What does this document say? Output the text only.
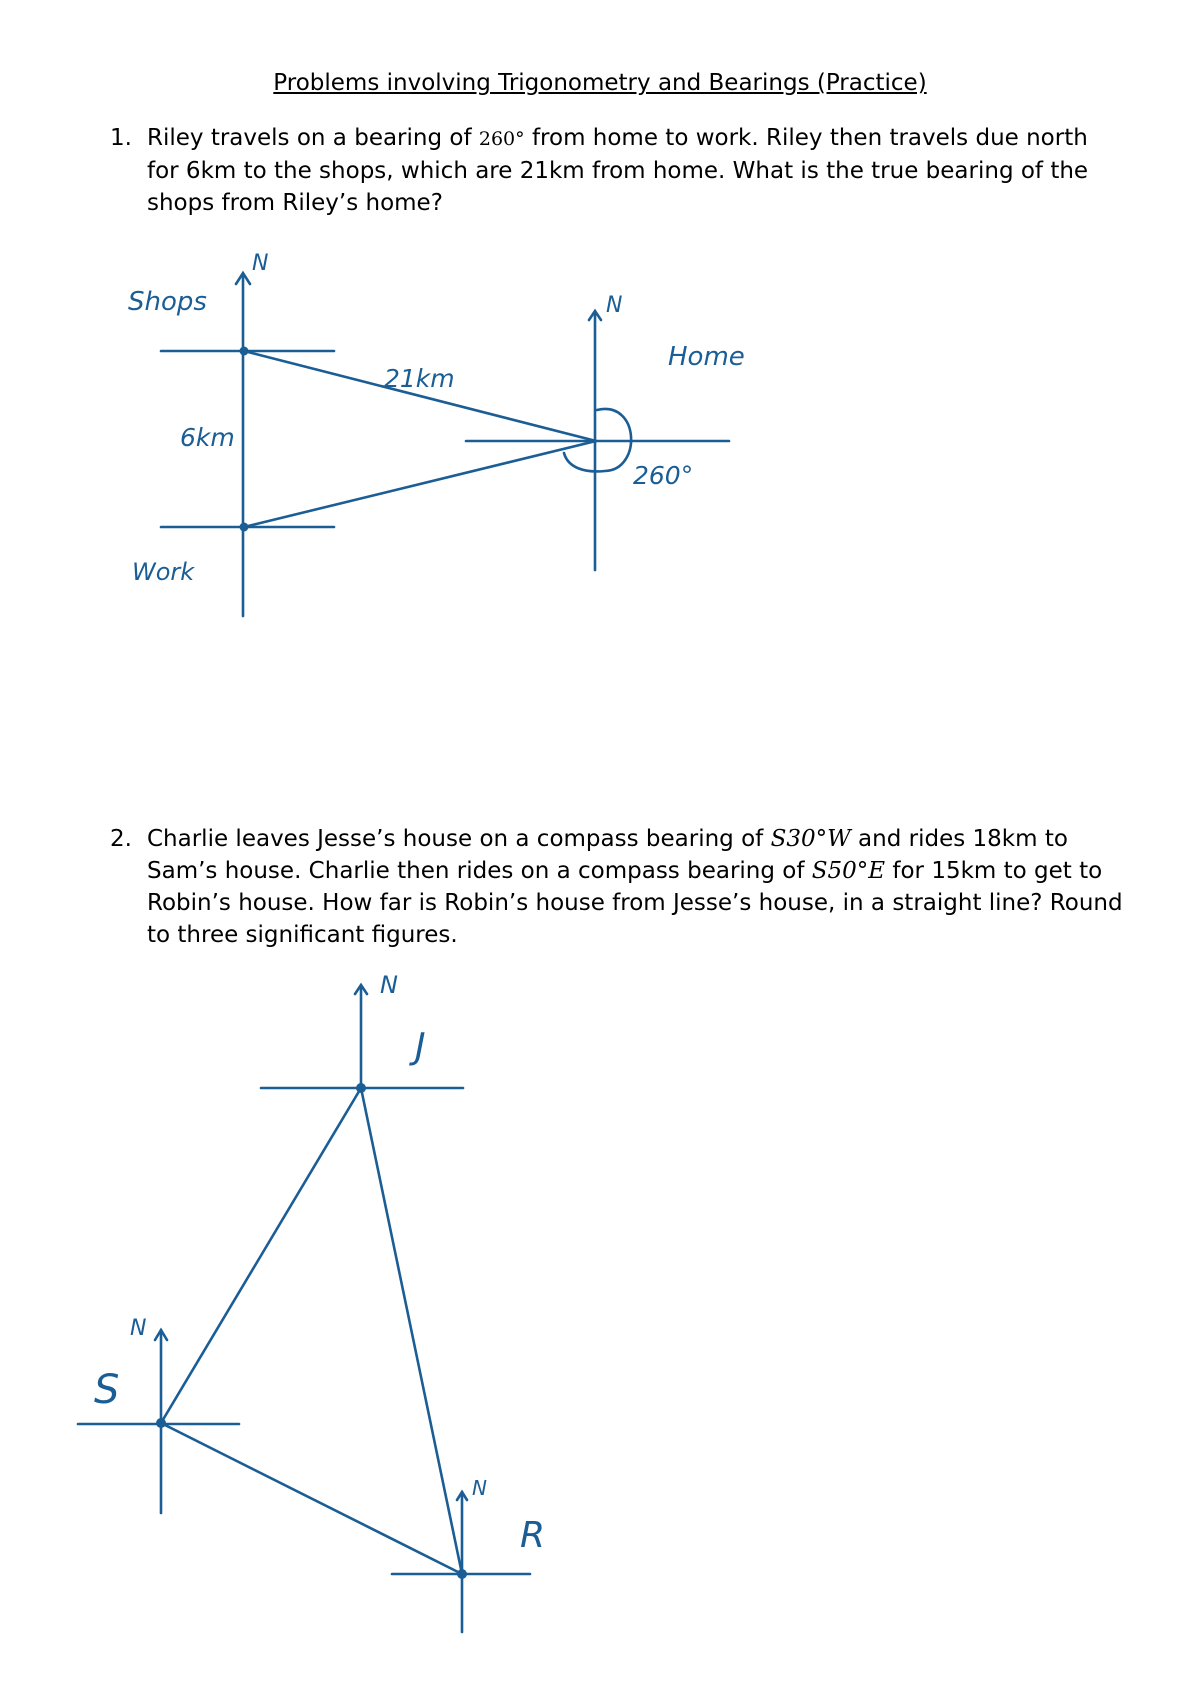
Problems involving Trigonometry and Bearings (Practice)
1. Riley travels on a bearing of 260° from home to work. Riley then travels due north for 6km to the shops, which are 21km from home. What is the true bearing of the shops from Riley’s home?
2. Charlie leaves Jesse’s house on a compass bearing of S30°W and rides 18km to Sam’s house. Charlie then rides on a compass bearing of S50°E for 15km to get to Robin’s house. How far is Robin’s house from Jesse’s house, in a straight line? Round to three significant figures.
Shops
Work
Home
21km
6km
260°
N
N
N
N
N
J
S
R
